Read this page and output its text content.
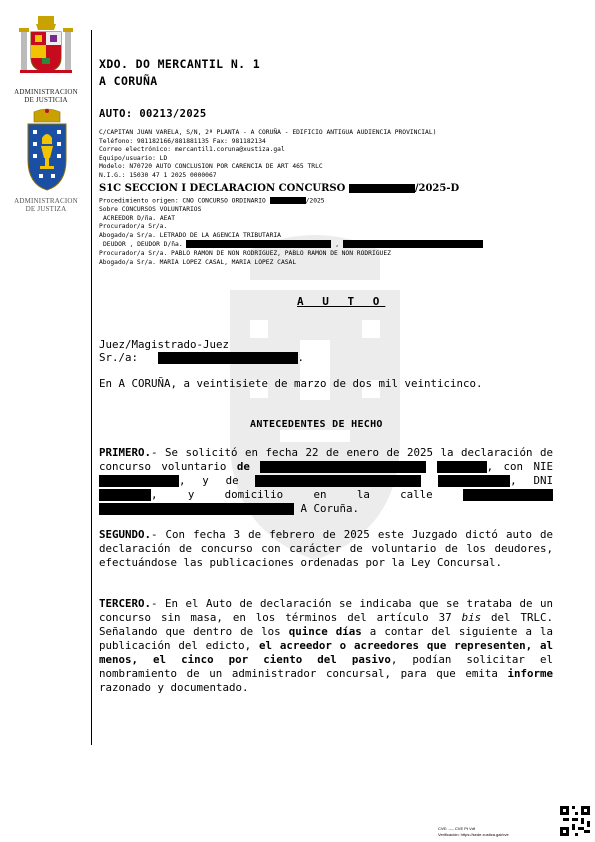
ADMINISTRACION
DE JUSTICIA
ADMINISTRACION
DE JUSTIZA
XDO. DO MERCANTIL N. 1
A CORUÑA
AUTO: 00213/2025
C/CAPITAN JUAN VARELA, S/N, 2ª PLANTA - A CORUÑA - EDIFICIO ANTIGUA AUDIENCIA PROVINCIAL)
Teléfono: 981182166/881881135 Fax: 981182134
Correo electrónico: mercantil1.coruna@xustiza.gal
Equipo/usuario: LD
Modelo: N70720 AUTO CONCLUSION POR CARENCIA DE ART 465 TRLC
N.I.G.: 15030 47 1 2025 0000067
S1C SECCION I DECLARACION CONCURSO	/2025-D
Procedimiento origen: CNO CONCURSO ORDINARIO	/2025
Sobre CONCURSOS VOLUNTARIOS
ACREEDOR D/ña. AEAT
Procurador/a Sr/a.
Abogado/a Sr/a. LETRADO DE LA AGENCIA TRIBUTARIA
DEUDOR , DEUDOR D/ña.	,
Procurador/a Sr/a. PABLO RAMON DE NON RODRIGUEZ, PABLO RAMON DE NON RODRIGUEZ
Abogado/a Sr/a. MARIA LOPEZ CASAL, MARIA LOPEZ CASAL
A U T O
Juez/Magistrado-Juez
Sr./a:	.
En A CORUÑA, a veintisiete de marzo de dos mil veinticinco.
ANTECEDENTES DE HECHO
PRIMERO.- Se solicitó en fecha 22 de enero de 2025 la declaración de concurso voluntario de	, con NIE , y de	, DNI , y domicilio en la calle   A Coruña.
SEGUNDO.- Con fecha 3 de febrero de 2025 este Juzgado dictó auto de declaración de concurso con carácter de voluntario de los deudores, efectuándose las publicaciones ordenadas por la Ley Concursal.
TERCERO.- En el Auto de declaración se indicaba que se trataba de un concurso sin masa, en los términos del artículo 37 bis del TRLC. Señalando que dentro de los quince días a contar del siguiente a la publicación del edicto, el acreedor o acreedores que representen, al menos, el cinco por ciento del pasivo, podían solicitar el nombramiento de un administrador concursal, para que emita informe razonado y documentado.
CVE: ---- CVE Pt Vdf
Verificación: https://sede.xustiza.gal/cve
